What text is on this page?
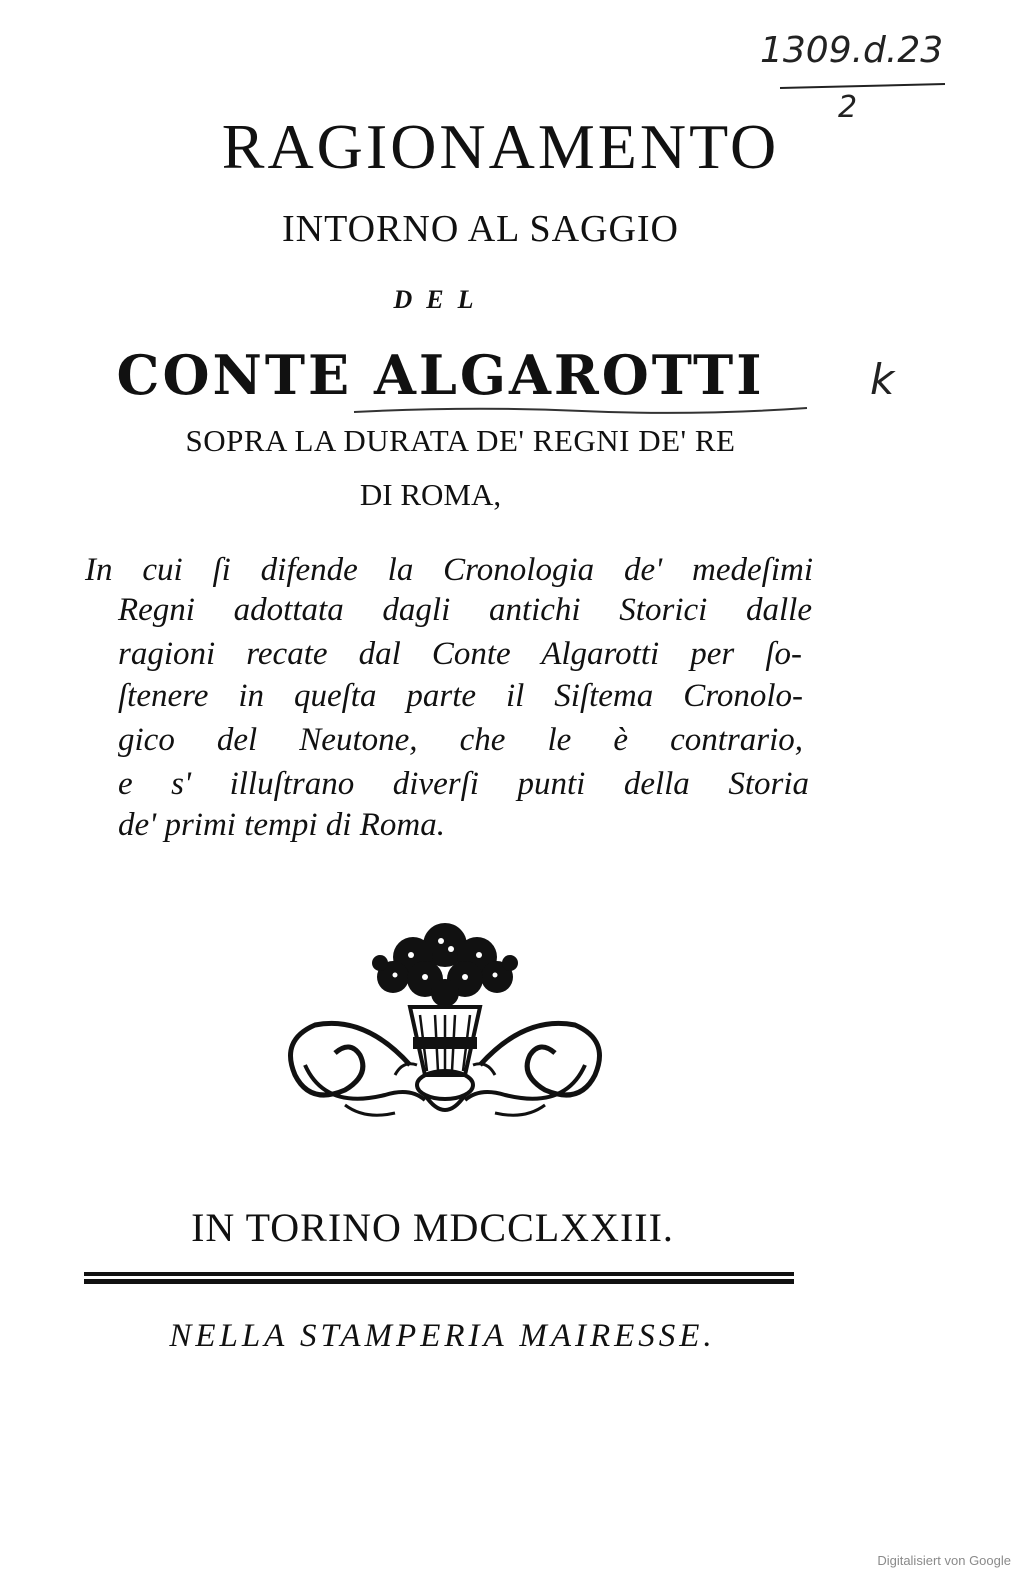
1309.d.23
2
RAGIONAMENTO
INTORNO AL SAGGIO
DEL
CONTE ALGAROTTI	k
SOPRA LA DURATA DE' REGNI DE' RE
DI ROMA,
In cui ſi difende la Cronologia de' medeſimi
Regni adottata dagli antichi Storici dalle
ragioni recate dal Conte Algarotti per ſo-
ſtenere in queſta parte il Siſtema Cronolo-
gico del Neutone, che le è contrario,
e s' illuſtrano diverſi punti della Storia
de' primi tempi di Roma.
IN TORINO MDCCLXXIII.
NELLA STAMPERIA MAIRESSE.
Digitalisiert von Google
